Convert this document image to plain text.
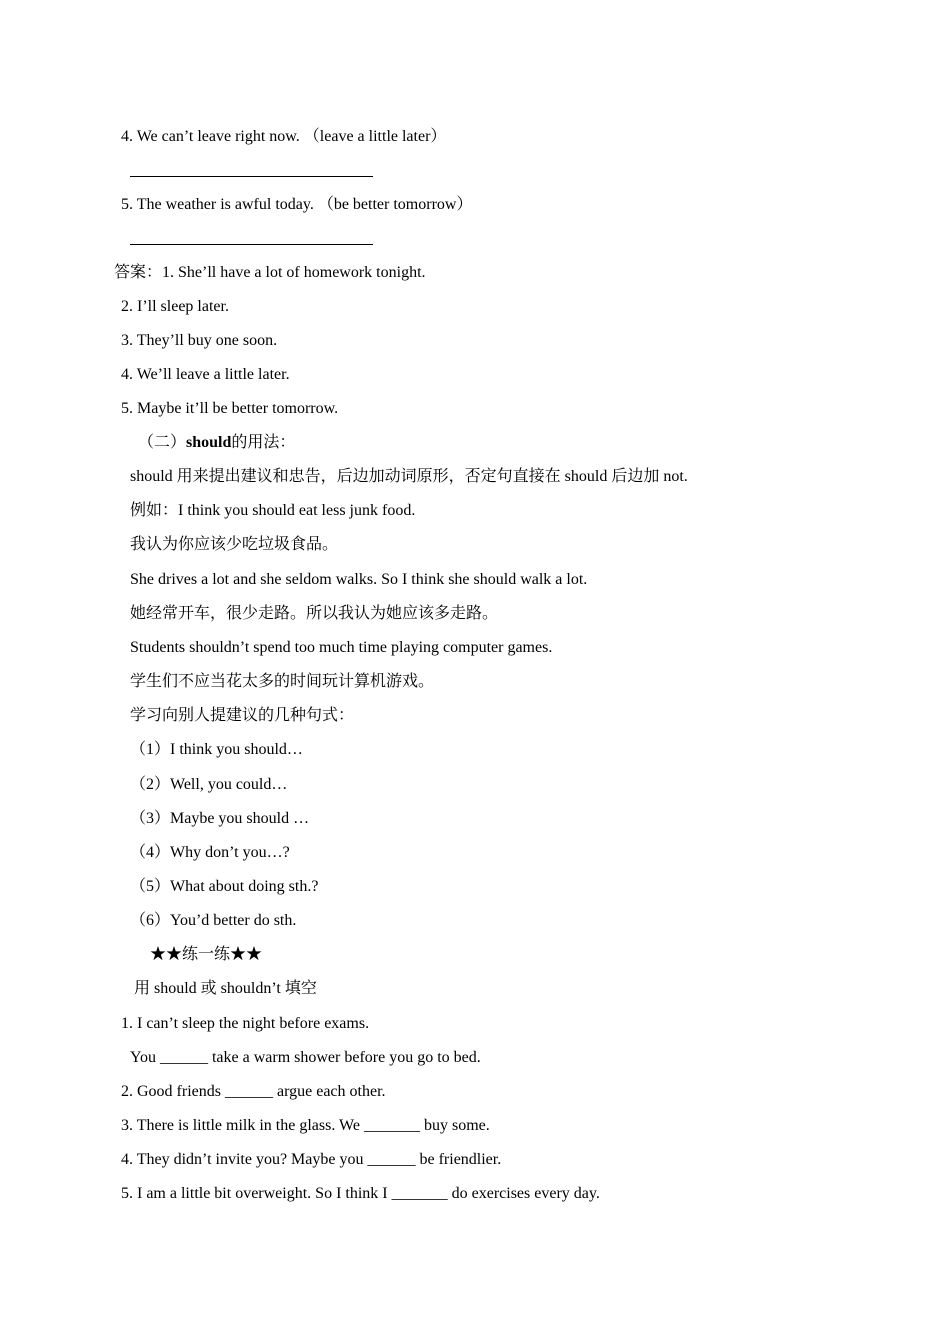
4. We can’t leave right now. （leave a little later）
5. The weather is awful today. （be better tomorrow）
答案：1. She’ll have a lot of homework tonight.
2. I’ll sleep later.
3. They’ll buy one soon.
4. We’ll leave a little later.
5. Maybe it’ll be better tomorrow.
（二）should的用法：
should 用来提出建议和忠告，后边加动词原形，否定句直接在 should 后边加 not.
例如：I think you should eat less junk food.
我认为你应该少吃垃圾食品。
She drives a lot and she seldom walks. So I think she should walk a lot.
她经常开车，很少走路。所以我认为她应该多走路。
Students shouldn’t spend too much time playing computer games.
学生们不应当花太多的时间玩计算机游戏。
学习向别人提建议的几种句式：
（1）I think you should…
（2）Well, you could…
（3）Maybe you should …
（4）Why don’t you…?
（5）What about doing sth.?
（6）You’d better do sth.
★★练一练★★
用 should 或 shouldn’t 填空
1. I can’t sleep the night before exams.
You ______ take a warm shower before you go to bed.
2. Good friends ______ argue each other.
3. There is little milk in the glass. We _______ buy some.
4. They didn’t invite you? Maybe you ______ be friendlier.
5. I am a little bit overweight. So I think I _______ do exercises every day.
